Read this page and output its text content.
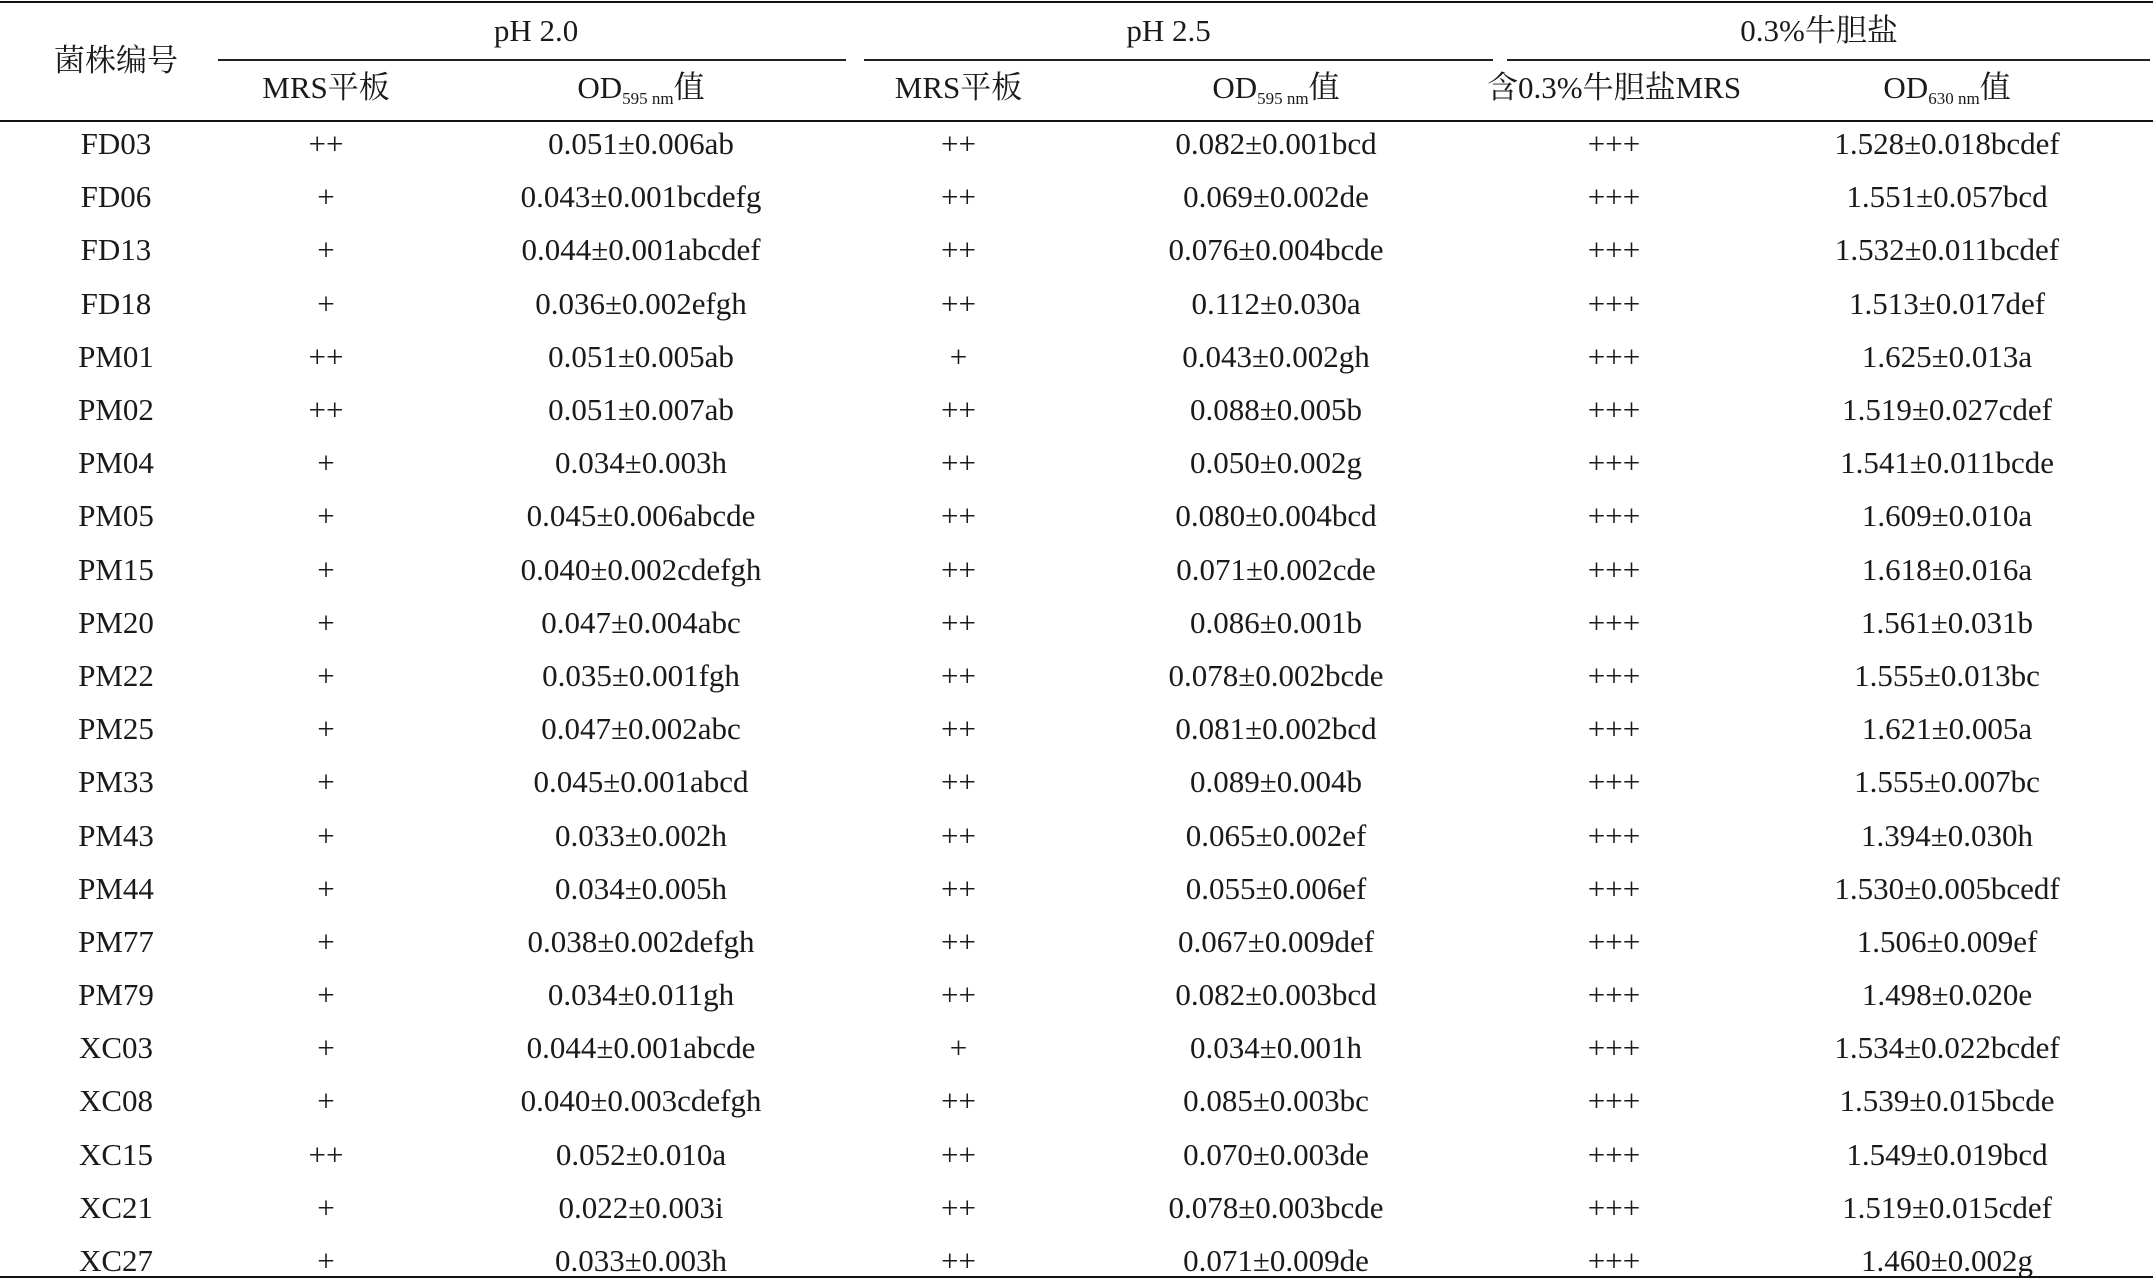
菌株编号	pH 2.0		pH 2.5		0.3%牛胆盐	
	MRS平板	OD595 nm值	MRS平板	OD595 nm值	含0.3%牛胆盐MRS	OD630 nm值
FD03	++	0.051±0.006ab	++	0.082±0.001bcd	+++	1.528±0.018bcdef
FD06	+	0.043±0.001bcdefg	++	0.069±0.002de	+++	1.551±0.057bcd
FD13	+	0.044±0.001abcdef	++	0.076±0.004bcde	+++	1.532±0.011bcdef
FD18	+	0.036±0.002efgh	++	0.112±0.030a	+++	1.513±0.017def
PM01	++	0.051±0.005ab	+	0.043±0.002gh	+++	1.625±0.013a
PM02	++	0.051±0.007ab	++	0.088±0.005b	+++	1.519±0.027cdef
PM04	+	0.034±0.003h	++	0.050±0.002g	+++	1.541±0.011bcde
PM05	+	0.045±0.006abcde	++	0.080±0.004bcd	+++	1.609±0.010a
PM15	+	0.040±0.002cdefgh	++	0.071±0.002cde	+++	1.618±0.016a
PM20	+	0.047±0.004abc	++	0.086±0.001b	+++	1.561±0.031b
PM22	+	0.035±0.001fgh	++	0.078±0.002bcde	+++	1.555±0.013bc
PM25	+	0.047±0.002abc	++	0.081±0.002bcd	+++	1.621±0.005a
PM33	+	0.045±0.001abcd	++	0.089±0.004b	+++	1.555±0.007bc
PM43	+	0.033±0.002h	++	0.065±0.002ef	+++	1.394±0.030h
PM44	+	0.034±0.005h	++	0.055±0.006ef	+++	1.530±0.005bcedf
PM77	+	0.038±0.002defgh	++	0.067±0.009def	+++	1.506±0.009ef
PM79	+	0.034±0.011gh	++	0.082±0.003bcd	+++	1.498±0.020e
XC03	+	0.044±0.001abcde	+	0.034±0.001h	+++	1.534±0.022bcdef
XC08	+	0.040±0.003cdefgh	++	0.085±0.003bc	+++	1.539±0.015bcde
XC15	++	0.052±0.010a	++	0.070±0.003de	+++	1.549±0.019bcd
XC21	+	0.022±0.003i	++	0.078±0.003bcde	+++	1.519±0.015cdef
XC27	+	0.033±0.003h	++	0.071±0.009de	+++	1.460±0.002g
